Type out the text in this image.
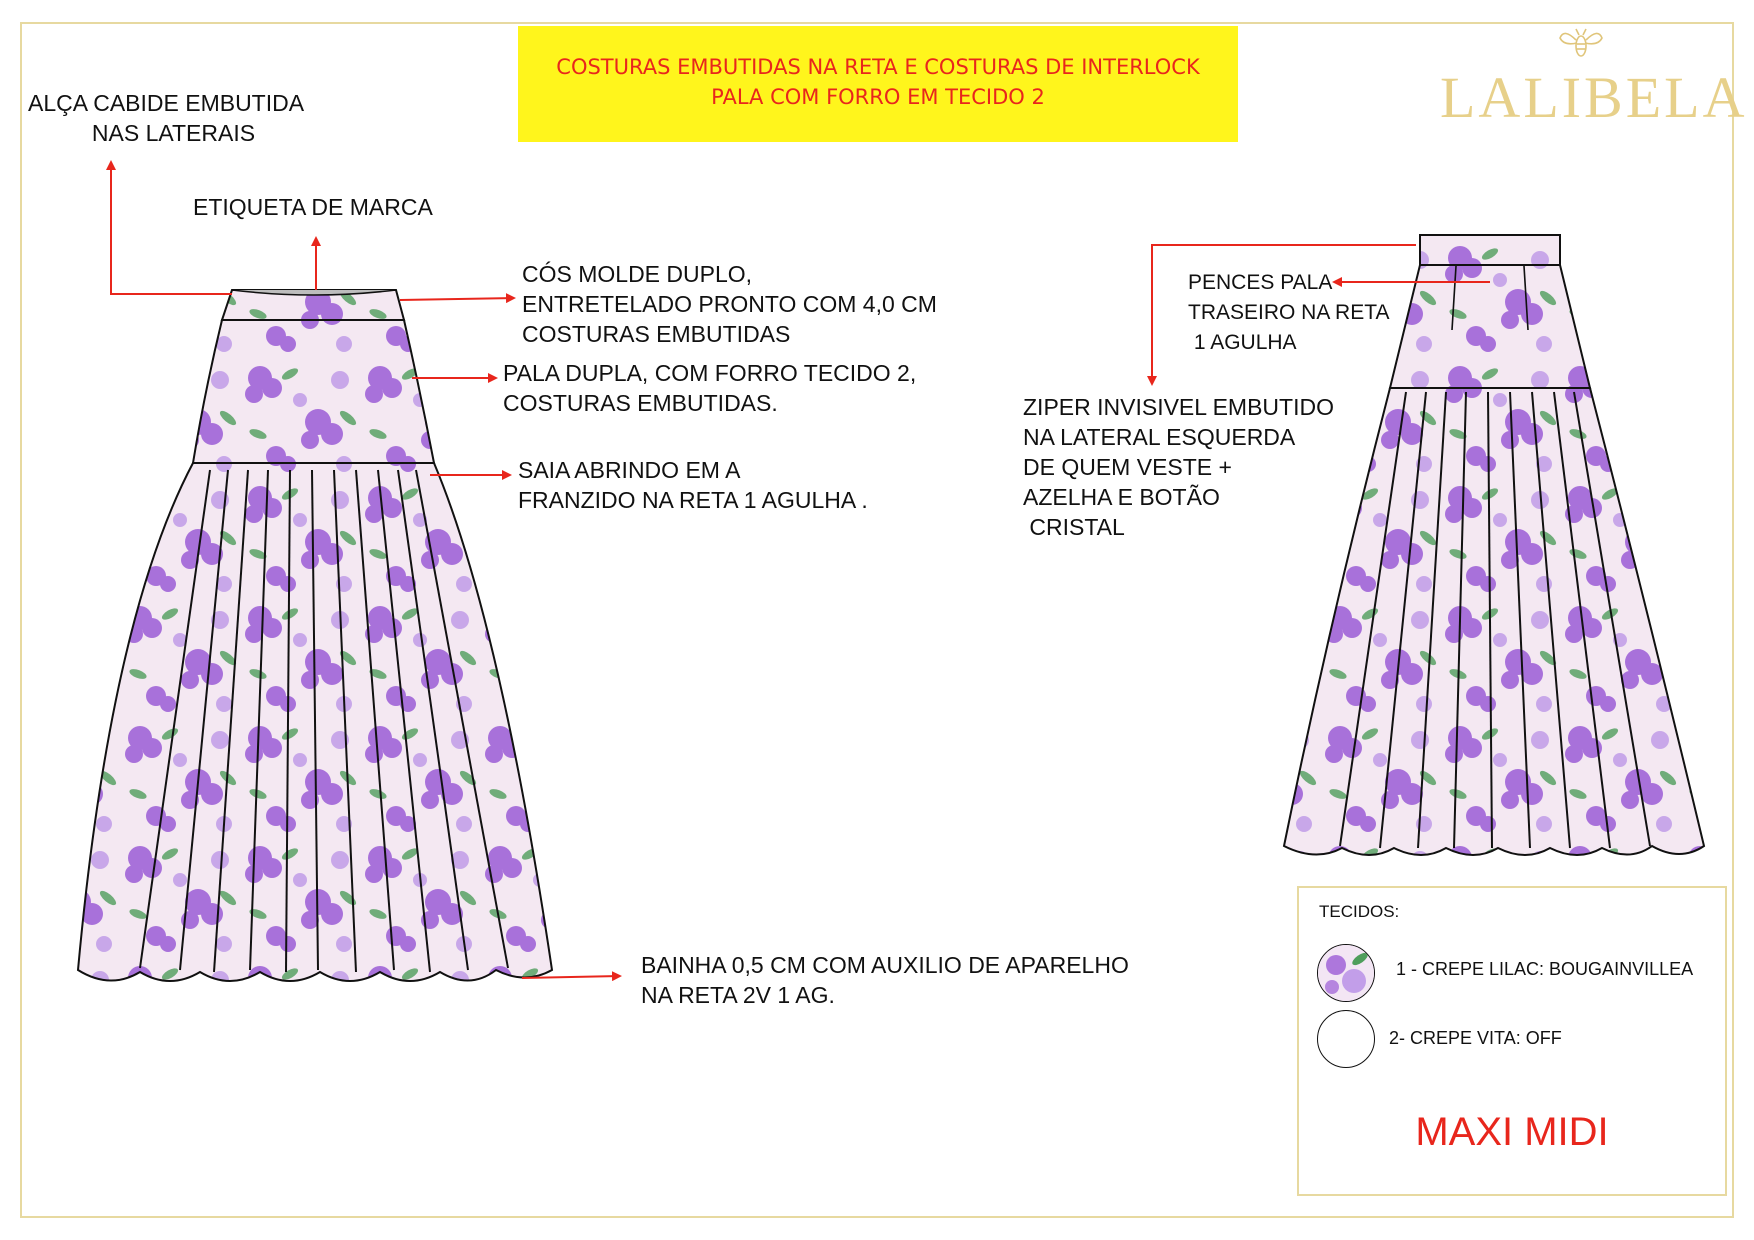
COSTURAS EMBUTIDAS NA RETA E COSTURAS DE INTERLOCK
PALA COM FORRO EM TECIDO 2	LALIBELA
ALÇA CABIDE EMBUTIDA
NAS LATERAIS
ETIQUETA DE MARCA
CÓS MOLDE DUPLO,
ENTRETELADO PRONTO COM 4,0 CM
COSTURAS EMBUTIDAS
PALA DUPLA, COM FORRO TECIDO 2,
COSTURAS EMBUTIDAS.
SAIA ABRINDO EM A
FRANZIDO NA RETA 1 AGULHA .
BAINHA 0,5 CM COM AUXILIO DE APARELHO
NA RETA 2V 1 AG.
PENCES PALA
TRASEIRO NA RETA
1 AGULHA
ZIPER INVISIVEL EMBUTIDO
NA LATERAL ESQUERDA
DE QUEM VESTE +
AZELHA E BOTÃO
CRISTAL
TECIDOS:
1 - CREPE LILAC: BOUGAINVILLEA
2- CREPE VITA: OFF
MAXI MIDI
